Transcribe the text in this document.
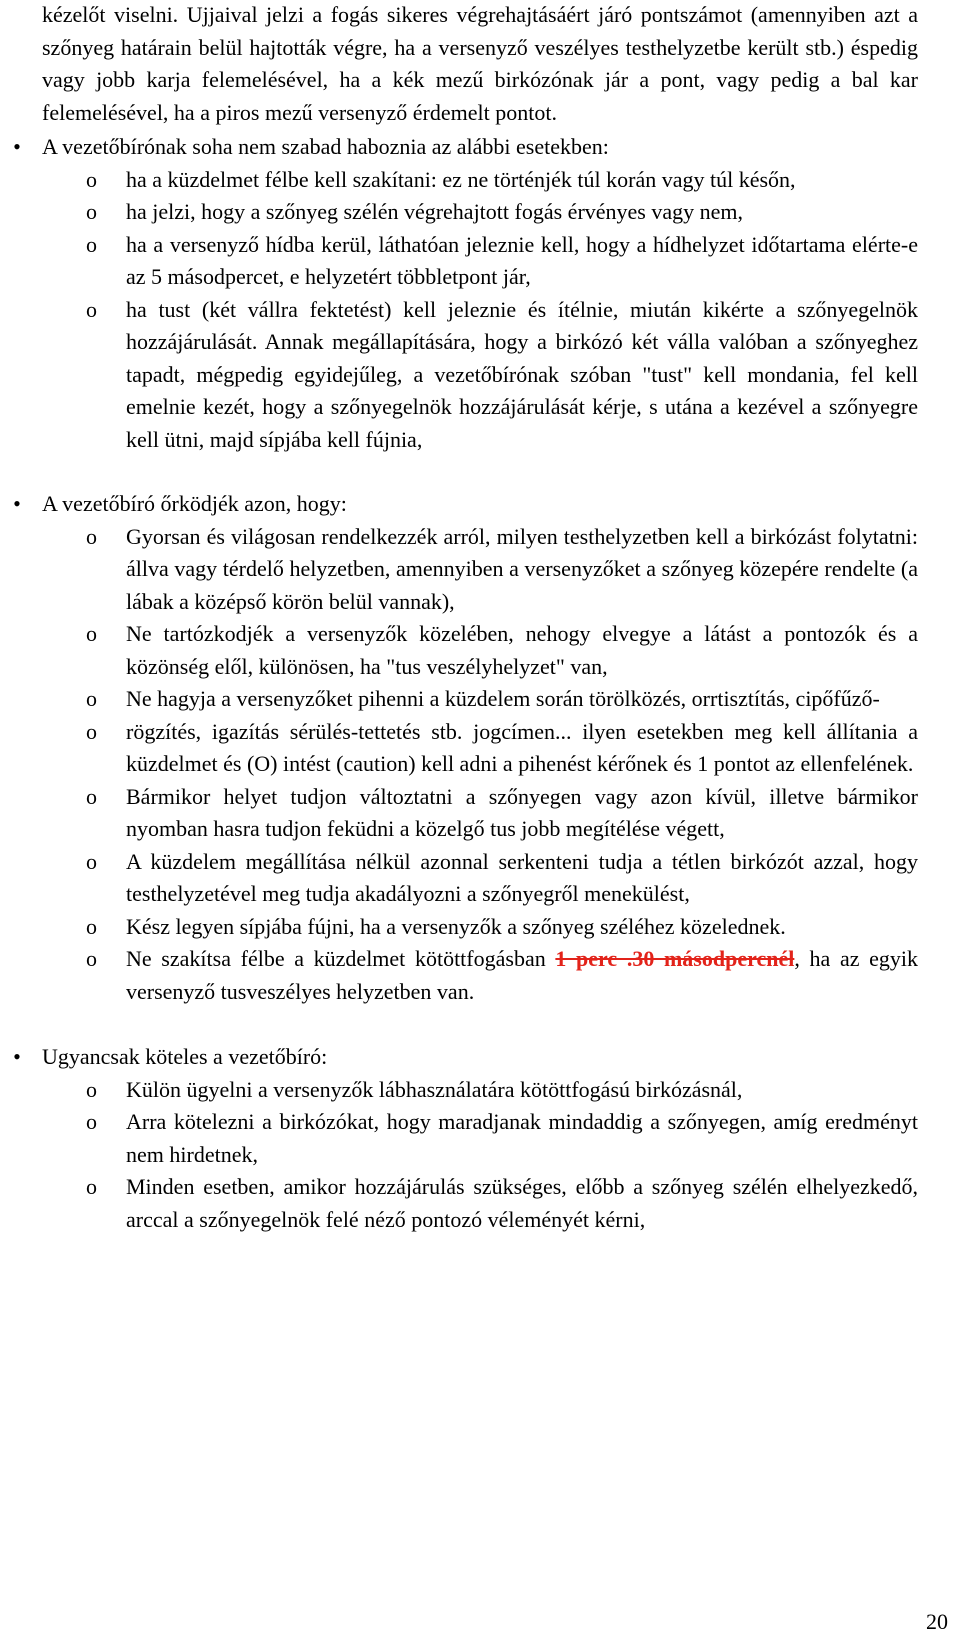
kézelőt viselni. Ujjaival jelzi a fogás sikeres végrehajtásáért járó pontszámot (amennyiben azt a szőnyeg határain belül hajtották végre, ha a versenyző veszélyes testhelyzetbe került stb.) éspedig vagy jobb karja felemelésével, ha a kék mezű birkózónak jár a pont, vagy pedig a bal kar felemelésével, ha a piros mezű versenyző érdemelt pontot.

•

A vezetőbírónak soha nem szabad haboznia az alábbi esetekben:

o ha a küzdelmet félbe kell szakítani: ez ne történjék túl korán vagy túl későn,
o ha jelzi, hogy a szőnyeg szélén végrehajtott fogás érvényes vagy nem,
o ha a versenyző hídba kerül, láthatóan jeleznie kell, hogy a hídhelyzet időtartama elérte-e az 5 másodpercet, e helyzetért többletpont jár,
o ha tust (két vállra fektetést) kell jeleznie és ítélnie, miután kikérte a szőnyegelnök hozzájárulását. Annak megállapítására, hogy a birkózó két válla valóban a szőnyeghez tapadt, mégpedig egyidejűleg, a vezetőbírónak szóban "tust" kell mondania, fel kell emelnie kezét, hogy a szőnyegelnök hozzájárulását kérje, s utána a kezével a szőnyegre kell ütni, majd sípjába kell fújnia,
•

A vezetőbíró őrködjék azon, hogy:

o Gyorsan és világosan rendelkezzék arról, milyen testhelyzetben kell a birkózást folytatni: állva vagy térdelő helyzetben, amennyiben a versenyzőket a szőnyeg közepére rendelte (a lábak a középső körön belül vannak),
o Ne tartózkodjék a versenyzők közelében, nehogy elvegye a látást a pontozók és a közönség elől, különösen, ha "tus veszélyhelyzet" van,
o Ne hagyja a versenyzőket pihenni a küzdelem során törölközés, orrtisztítás, cipőfűző-
o rögzítés, igazítás sérülés-tettetés stb. jogcímen... ilyen esetekben meg kell állítania a küzdelmet és (O) intést (caution) kell adni a pihenést kérőnek és 1 pontot az ellenfelének.
o Bármikor helyet tudjon változtatni a szőnyegen vagy azon kívül, illetve bármikor nyomban hasra tudjon feküdni a közelgő tus jobb megítélése végett,
o A küzdelem megállítása nélkül azonnal serkenteni tudja a tétlen birkózót azzal, hogy testhelyzetével meg tudja akadályozni a szőnyegről menekülést,
o Kész legyen sípjába fújni, ha a versenyzők a szőnyeg széléhez közelednek.
o Ne szakítsa félbe a küzdelmet kötöttfogásban 1 perc .30 másodpercnél, ha az egyik versenyző tusveszélyes helyzetben van.
•

Ugyancsak köteles a vezetőbíró:

o Külön ügyelni a versenyzők lábhasználatára kötöttfogású birkózásnál,
o Arra kötelezni a birkózókat, hogy maradjanak mindaddig a szőnyegen, amíg eredményt nem hirdetnek,
o Minden esetben, amikor hozzájárulás szükséges, előbb a szőnyeg szélén elhelyezkedő, arccal a szőnyegelnök felé néző pontozó véleményét kérni,
20
